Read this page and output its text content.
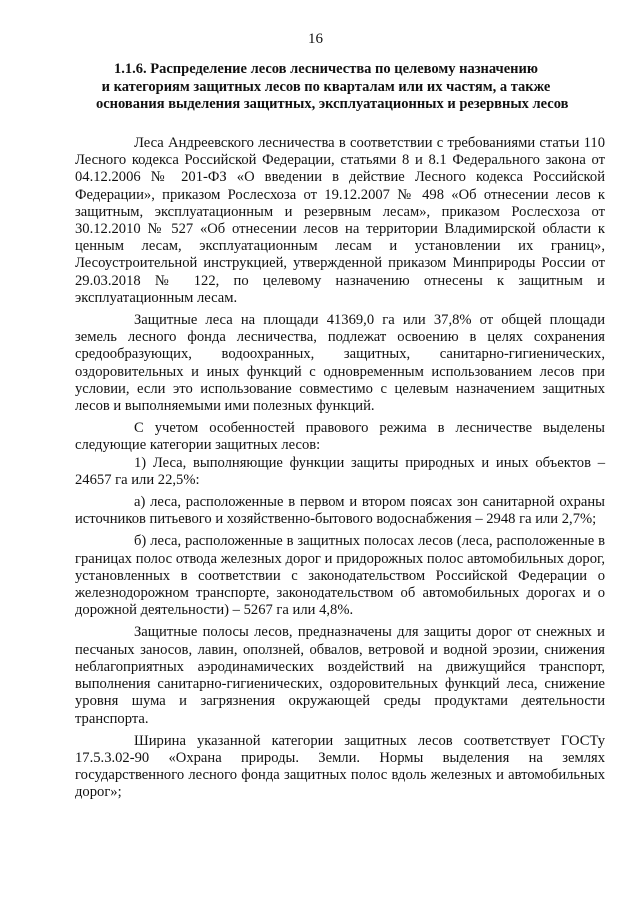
16
1.1.6. Распределение лесов лесничества по целевому назначению
и категориям защитных лесов по кварталам или их частям, а также
основания выделения защитных, эксплуатационных и резервных лесов

Леса Андреевского лесничества в соответствии с требованиями статьи 110 Лесного кодекса Российской Федерации, статьями 8 и 8.1 Федерального закона от 04.12.2006 № 201-ФЗ «О введении в действие Лесного кодекса Российской Федерации», приказом Рослесхоза от 19.12.2007 № 498 «Об отнесении лесов к защитным, эксплуатационным и резервным лесам», приказом Рослесхоза от 30.12.2010 № 527 «Об отнесении лесов на территории Владимирской области к ценным лесам, эксплуатационным лесам и установлении их границ», Лесоустроительной инструкцией, утвержденной приказом Минприроды России от 29.03.2018 № 122, по целевому назначению отнесены к защитным и эксплуатационным лесам.

Защитные леса на площади 41369,0 га или 37,8% от общей площади земель лесного фонда лесничества, подлежат освоению в целях сохранения средообразующих, водоохранных, защитных, санитарно-гигиенических, оздоровительных и иных функций с одновременным использованием лесов при условии, если это использование совместимо с целевым назначением защитных лесов и выполняемыми ими полезных функций.

С учетом особенностей правового режима в лесничестве выделены следующие категории защитных лесов:

1) Леса, выполняющие функции защиты природных и иных объектов – 24657 га или 22,5%:

а) леса, расположенные в первом и втором поясах зон санитарной охраны источников питьевого и хозяйственно-бытового водоснабжения – 2948 га или 2,7%;

б) леса, расположенные в защитных полосах лесов (леса, расположенные в границах полос отвода железных дорог и придорожных полос автомобильных дорог, установленных в соответствии с законодательством Российской Федерации о железнодорожном транспорте, законодательством об автомобильных дорогах и о дорожной деятельности) – 5267 га или 4,8%.

Защитные полосы лесов, предназначены для защиты дорог от снежных и песчаных заносов, лавин, оползней, обвалов, ветровой и водной эрозии, снижения неблагоприятных аэродинамических воздействий на движущийся транспорт, выполнения санитарно-гигиенических, оздоровительных функций леса, снижение уровня шума и загрязнения окружающей среды продуктами деятельности транспорта.

Ширина указанной категории защитных лесов соответствует ГОСТу 17.5.3.02-90 «Охрана природы. Земли. Нормы выделения на землях государственного лесного фонда защитных полос вдоль железных и автомобильных дорог»;
